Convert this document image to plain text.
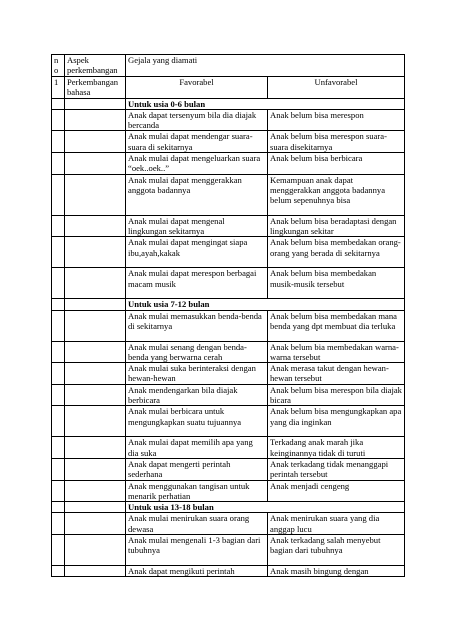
no	Aspek perkembangan	Gejala yang diamati	
1	Perkembangan bahasa	Favorabel	Unfavorabel
		Untuk usia 0-6 bulan	
		Anak dapat tersenyum bila dia diajak bercanda	Anak belum bisa merespon
		Anak mulai dapat mendengar suara-suara di sekitarnya	Anak belum bisa merespon suara-suara disekitarnya
		Anak mulai dapat mengeluarkan suara “oek..oek..”	Anak belum bisa berbicara
		Anak mulai dapat menggerakkan anggota badannya	Kemampuan anak dapat menggerakkan anggota badannya belum sepenuhnya bisa
		Anak mulai dapat mengenal lingkungan sekitarnya	Anak belum bisa beradaptasi dengan lingkungan sekitar
		Anak mulai dapat mengingat siapa ibu,ayah,kakak	Anak belum bisa membedakan orang-orang yang berada di sekitarnya
		Anak mulai dapat merespon berbagai macam musik	Anak belum bisa membedakan musik-musik tersebut
		Untuk usia 7-12 bulan	
		Anak mulai memasukkan benda-benda di sekitarnya	Anak belum bisa membedakan mana benda yang dpt membuat dia terluka
		Anak mulai senang dengan benda-benda yang berwarna cerah	Anak belum bia membedakan warna-warna tersebut
		Anak mulai suka berinteraksi dengan hewan-hewan	Anak merasa takut dengan hewan-hewan tersebut
		Anak mendengarkan bila diajak berbicara	Anak belum bisa merespon bila diajak bicara
		Anak mulai berbicara untuk mengungkapkan suatu tujuannya	Anak belum bisa mengungkapkan apa yang dia inginkan
		Anak mulai dapat memilih apa yang dia suka	Terkadang anak marah jika keinginannya tidak di turuti
		Anak dapat mengerti perintah sederhana	Anak terkadang tidak menanggapi perintah tersebut
		Anak menggunakan tangisan untuk menarik perhatian	Anak menjadi cengeng
		Untuk usia 13-18 bulan	
		Anak mulai menirukan suara orang dewasa	Anak menirukan suara yang dia anggap lucu
		Anak mulai mengenali 1-3 bagian dari tubuhnya	Anak terkadang salah menyebut bagian dari tubuhnya
		Anak dapat mengikuti perintah	Anak masih bingung dengan
